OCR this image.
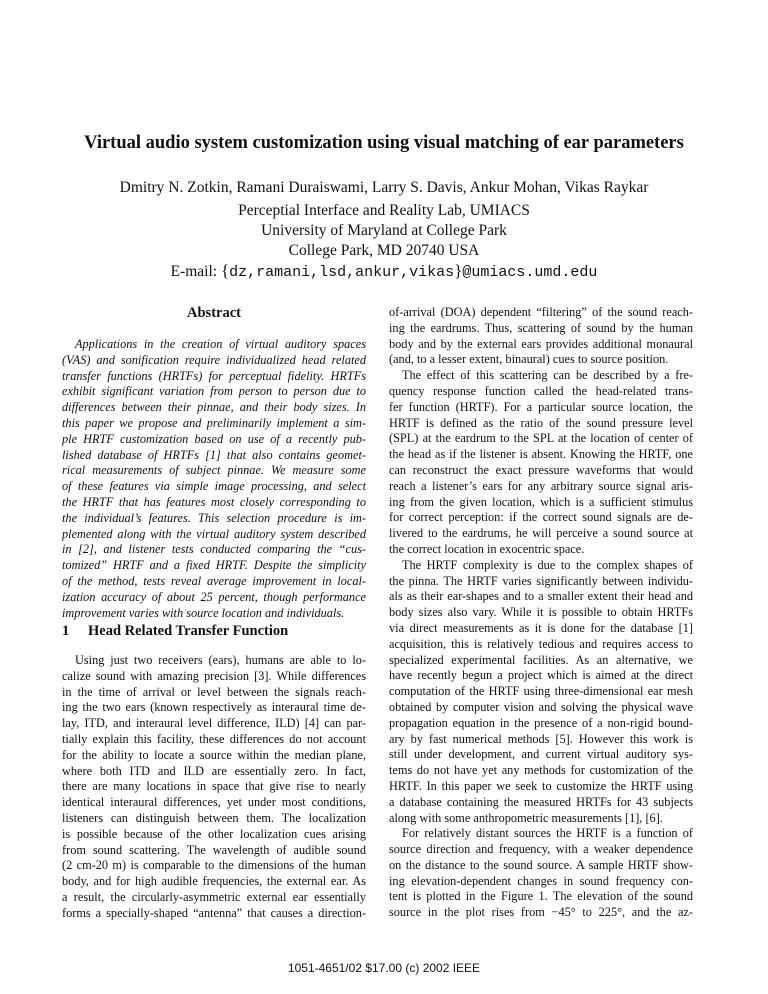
Virtual audio system customization using visual matching of ear parameters
Dmitry N. Zotkin, Ramani Duraiswami, Larry S. Davis, Ankur Mohan, Vikas Raykar
Perceptial Interface and Reality Lab, UMIACS
University of Maryland at College Park
College Park, MD 20740 USA
E-mail: {dz,ramani,lsd,ankur,vikas}@umiacs.umd.edu
Abstract
Applications in the creation of virtual auditory spaces
(VAS) and sonification require individualized head related
transfer functions (HRTFs) for perceptual fidelity. HRTFs
exhibit significant variation from person to person due to
differences between their pinnae, and their body sizes. In
this paper we propose and preliminarily implement a sim-
ple HRTF customization based on use of a recently pub-
lished database of HRTFs [1] that also contains geomet-
rical measurements of subject pinnae. We measure some
of these features via simple image processing, and select
the HRTF that has features most closely corresponding to
the individual’s features. This selection procedure is im-
plemented along with the virtual auditory system described
in [2], and listener tests conducted comparing the “cus-
tomized” HRTF and a fixed HRTF. Despite the simplicity
of the method, tests reveal average improvement in local-
ization accuracy of about 25 percent, though performance
improvement varies with source location and individuals.
1 Head Related Transfer Function
Using just two receivers (ears), humans are able to lo-
calize sound with amazing precision [3]. While differences
in the time of arrival or level between the signals reach-
ing the two ears (known respectively as interaural time de-
lay, ITD, and interaural level difference, ILD) [4] can par-
tially explain this facility, these differences do not account
for the ability to locate a source within the median plane,
where both ITD and ILD are essentially zero. In fact,
there are many locations in space that give rise to nearly
identical interaural differences, yet under most conditions,
listeners can distinguish between them. The localization
is possible because of the other localization cues arising
from sound scattering. The wavelength of audible sound
(2 cm-20 m) is comparable to the dimensions of the human
body, and for high audible frequencies, the external ear. As
a result, the circularly-asymmetric external ear essentially
forms a specially-shaped “antenna” that causes a direction-
of-arrival (DOA) dependent “filtering” of the sound reach-
ing the eardrums. Thus, scattering of sound by the human
body and by the external ears provides additional monaural
(and, to a lesser extent, binaural) cues to source position.
The effect of this scattering can be described by a fre-
quency response function called the head-related trans-
fer function (HRTF). For a particular source location, the
HRTF is defined as the ratio of the sound pressure level
(SPL) at the eardrum to the SPL at the location of center of
the head as if the listener is absent. Knowing the HRTF, one
can reconstruct the exact pressure waveforms that would
reach a listener’s ears for any arbitrary source signal aris-
ing from the given location, which is a sufficient stimulus
for correct perception: if the correct sound signals are de-
livered to the eardrums, he will perceive a sound source at
the correct location in exocentric space.
The HRTF complexity is due to the complex shapes of
the pinna. The HRTF varies significantly between individu-
als as their ear-shapes and to a smaller extent their head and
body sizes also vary. While it is possible to obtain HRTFs
via direct measurements as it is done for the database [1]
acquisition, this is relatively tedious and requires access to
specialized experimental facilities. As an alternative, we
have recently begun a project which is aimed at the direct
computation of the HRTF using three-dimensional ear mesh
obtained by computer vision and solving the physical wave
propagation equation in the presence of a non-rigid bound-
ary by fast numerical methods [5]. However this work is
still under development, and current virtual auditory sys-
tems do not have yet any methods for customization of the
HRTF. In this paper we seek to customize the HRTF using
a database containing the measured HRTFs for 43 subjects
along with some anthropometric measurements [1], [6].
For relatively distant sources the HRTF is a function of
source direction and frequency, with a weaker dependence
on the distance to the sound source. A sample HRTF show-
ing elevation-dependent changes in sound frequency con-
tent is plotted in the Figure 1. The elevation of the sound
source in the plot rises from −45° to 225°, and the az-
1051-4651/02 $17.00 (c) 2002 IEEE
